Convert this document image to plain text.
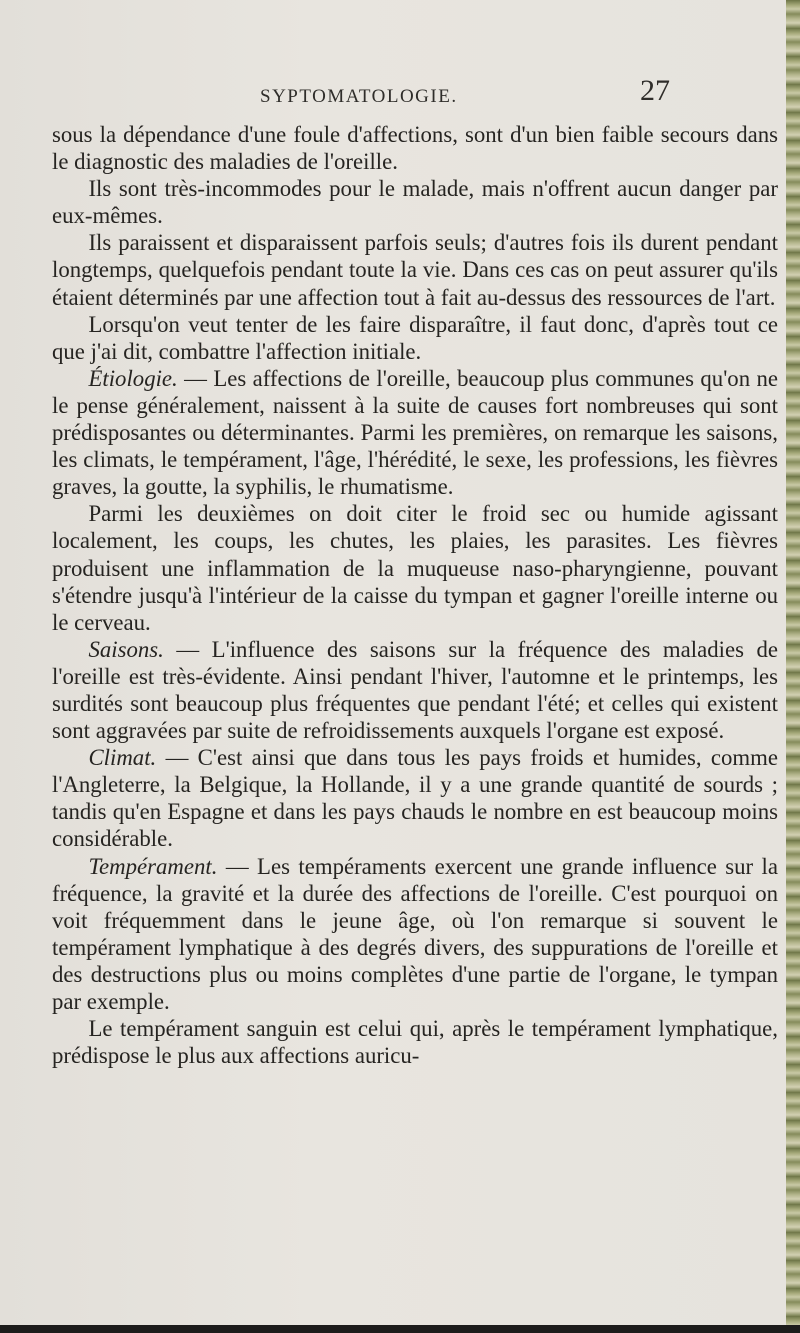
SYPTOMATOLOGIE.	27

sous la dépendance d'une foule d'affections, sont d'un bien faible secours dans le diagnostic des maladies de l'oreille.

Ils sont très-incommodes pour le malade, mais n'offrent aucun danger par eux-mêmes.

Ils paraissent et disparaissent parfois seuls; d'autres fois ils durent pendant longtemps, quelquefois pendant toute la vie. Dans ces cas on peut assurer qu'ils étaient déterminés par une affection tout à fait au-dessus des ressources de l'art.

Lorsqu'on veut tenter de les faire disparaître, il faut donc, d'après tout ce que j'ai dit, combattre l'affection initiale.

Étiologie. — Les affections de l'oreille, beaucoup plus communes qu'on ne le pense généralement, naissent à la suite de causes fort nombreuses qui sont prédisposantes ou déterminantes. Parmi les premières, on remarque les saisons, les climats, le tempérament, l'âge, l'hérédité, le sexe, les professions, les fièvres graves, la goutte, la syphilis, le rhumatisme.

Parmi les deuxièmes on doit citer le froid sec ou humide agissant localement, les coups, les chutes, les plaies, les parasites. Les fièvres produisent une inflammation de la muqueuse naso-pharyngienne, pouvant s'étendre jusqu'à l'intérieur de la caisse du tympan et gagner l'oreille interne ou le cerveau.

Saisons. — L'influence des saisons sur la fréquence des maladies de l'oreille est très-évidente. Ainsi pendant l'hiver, l'automne et le printemps, les surdités sont beaucoup plus fréquentes que pendant l'été; et celles qui existent sont aggravées par suite de refroidissements auxquels l'organe est exposé.

Climat. — C'est ainsi que dans tous les pays froids et humides, comme l'Angleterre, la Belgique, la Hollande, il y a une grande quantité de sourds ; tandis qu'en Espagne et dans les pays chauds le nombre en est beaucoup moins considérable.

Tempérament. — Les tempéraments exercent une grande influence sur la fréquence, la gravité et la durée des affections de l'oreille. C'est pourquoi on voit fréquemment dans le jeune âge, où l'on remarque si souvent le tempérament lymphatique à des degrés divers, des suppurations de l'oreille et des destructions plus ou moins complètes d'une partie de l'organe, le tympan par exemple.

Le tempérament sanguin est celui qui, après le tempérament lymphatique, prédispose le plus aux affections auricu-
